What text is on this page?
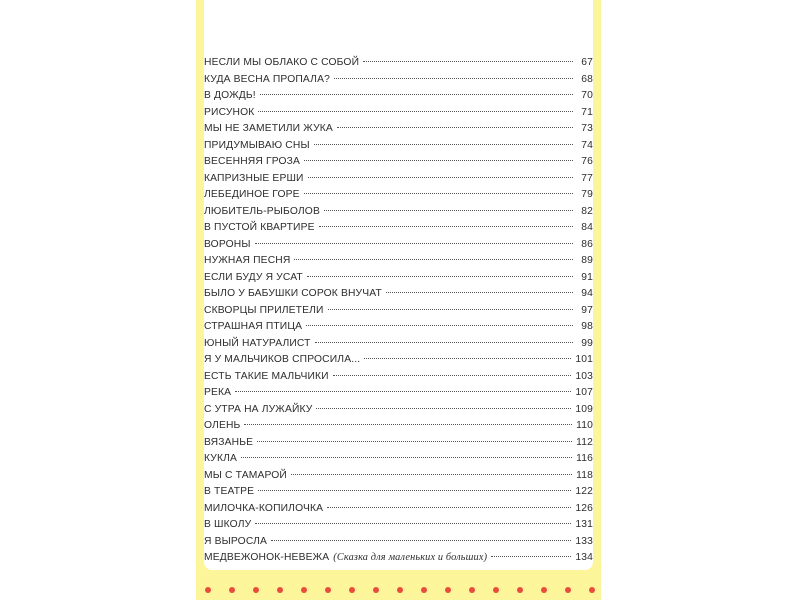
НЕСЛИ МЫ ОБЛАКО С СОБОЙ	67
КУДА ВЕСНА ПРОПАЛА?	68
В ДОЖДЬ!	70
РИСУНОК	71
МЫ НЕ ЗАМЕТИЛИ ЖУКА	73
ПРИДУМЫВАЮ СНЫ	74
ВЕСЕННЯЯ ГРОЗА	76
КАПРИЗНЫЕ ЕРШИ	77
ЛЕБЕДИНОЕ ГОРЕ	79
ЛЮБИТЕЛЬ-РЫБОЛОВ	82
В ПУСТОЙ КВАРТИРЕ	84
ВОРОНЫ	86
НУЖНАЯ ПЕСНЯ	89
ЕСЛИ БУДУ Я УСАТ	91
БЫЛО У БАБУШКИ СОРОК ВНУЧАТ	94
СКВОРЦЫ ПРИЛЕТЕЛИ	97
СТРАШНАЯ ПТИЦА	98
ЮНЫЙ НАТУРАЛИСТ	99
Я У МАЛЬЧИКОВ СПРОСИЛА...	101
ЕСТЬ ТАКИЕ МАЛЬЧИКИ	103
РЕКА	107
С УТРА НА ЛУЖАЙКУ	109
ОЛЕНЬ	110
ВЯЗАНЬЕ	112
КУКЛА	116
МЫ С ТАМАРОЙ	118
В ТЕАТРЕ	122
МИЛОЧКА-КОПИЛОЧКА	126
В ШКОЛУ	131
Я ВЫРОСЛА	133
МЕДВЕЖОНОК-НЕВЕЖА (Сказка для маленьких и больших)	134
